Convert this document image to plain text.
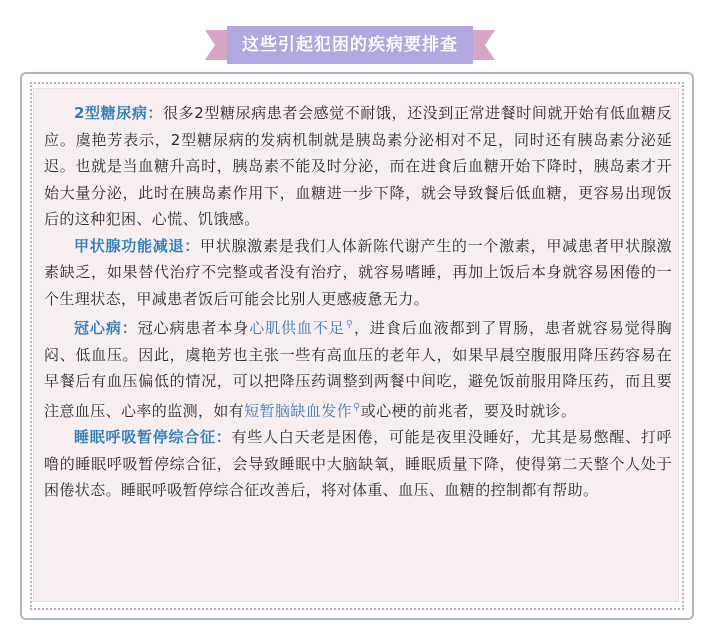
这些引起犯困的疾病要排查

2型糖尿病：很多2型糖尿病患者会感觉不耐饿，还没到正常进餐时间就开始有低血糖反应。虞艳芳表示，2型糖尿病的发病机制就是胰岛素分泌相对不足，同时还有胰岛素分泌延迟。也就是当血糖升高时，胰岛素不能及时分泌，而在进食后血糖开始下降时，胰岛素才开始大量分泌，此时在胰岛素作用下，血糖进一步下降，就会导致餐后低血糖，更容易出现饭后的这种犯困、心慌、饥饿感。

甲状腺功能减退：甲状腺激素是我们人体新陈代谢产生的一个激素，甲减患者甲状腺激素缺乏，如果替代治疗不完整或者没有治疗，就容易嗜睡，再加上饭后本身就容易困倦的一个生理状态，甲减患者饭后可能会比别人更感疲惫无力。

冠心病：冠心病患者本身心肌供血不足⚲，进食后血液都到了胃肠，患者就容易觉得胸闷、低血压。因此，虞艳芳也主张一些有高血压的老年人，如果早晨空腹服用降压药容易在早餐后有血压偏低的情况，可以把降压药调整到两餐中间吃，避免饭前服用降压药，而且要注意血压、心率的监测，如有短暂脑缺血发作⚲或心梗的前兆者，要及时就诊。

睡眠呼吸暂停综合征：有些人白天老是困倦，可能是夜里没睡好，尤其是易憋醒、打呼噜的睡眠呼吸暂停综合征，会导致睡眠中大脑缺氧，睡眠质量下降，使得第二天整个人处于困倦状态。睡眠呼吸暂停综合征改善后，将对体重、血压、血糖的控制都有帮助。
